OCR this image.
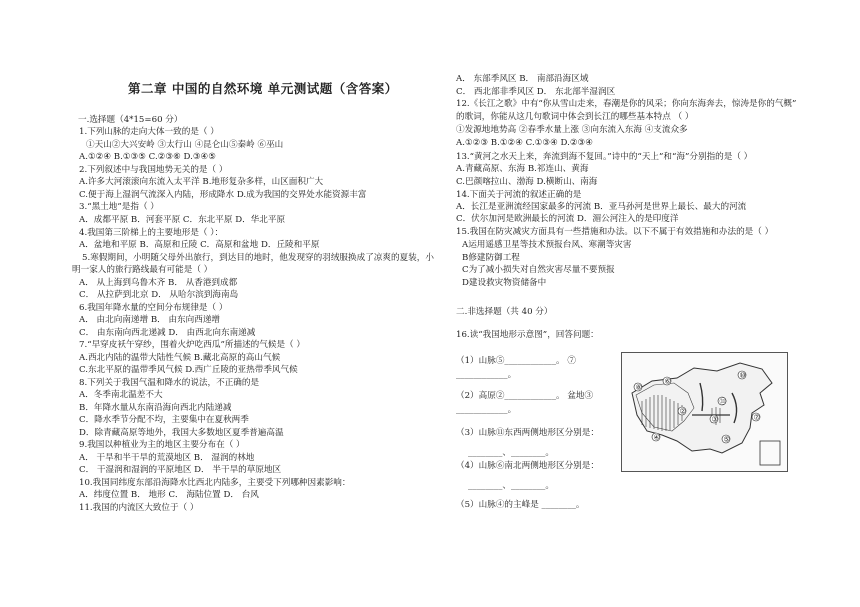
第二章 中国的自然环境 单元测试题（含答案）
一.选择题（4*15=60 分）
1.下列山脉的走向大体一致的是（ ）
①天山②大兴安岭 ③太行山 ④昆仑山⑤秦岭 ⑥巫山
A.①②④ B.①③⑤ C.②③⑥ D.③④⑤
2.下列叙述中与我国地势无关的是（ ）
A.许多大河滚滚向东流入太平洋 B.地形复杂多样，山区面积广大
C.便于海上湿润气流深入内陆，形成降水 D.成为我国的交界处水能资源丰富
3.“黑土地”是指（ ）
A．成都平原 B．河套平原 C．东北平原 D．华北平原
4.我国第三阶梯上的主要地形是（ ）：
A．盆地和平原 B．高原和丘陵 C．高原和盆地 D．丘陵和平原
5.寒假期间，小明随父母外出旅行，到达目的地时，他发现穿的羽绒服换成了凉爽的夏装，小
明一家人的旅行路线最有可能是（ ）
A． 从上海到乌鲁木齐 B． 从香港到成都
C． 从拉萨到北京 D． 从哈尔滨到海南岛
6.我国年降水量的空间分布规律是（ ）
A． 由北向南递增 B． 由东向西递增
C． 由东南向西北递减 D． 由西北向东南递减
7.“早穿皮袄午穿纱，围着火炉吃西瓜”所描述的气候是（ ）
A.西北内陆的温带大陆性气候 B.藏北高原的高山气候
C.东北平原的温带季风气候 D.西广丘陵的亚热带季风气候
8.下列关于我国气温和降水的说法，不正确的是
A．冬季南北温差不大
B．年降水量从东南沿海向西北内陆递减
C．降水季节分配不均，主要集中在夏秋两季
D．除青藏高原等地外，我国大多数地区夏季普遍高温
9.我国以种植业为主的地区主要分布在（ ）
A． 干旱和半干旱的荒漠地区 B． 湿润的林地
C． 干湿润和湿润的平原地区 D． 半干旱的草原地区
10.我国同纬度东部沿海降水比西北内陆多，主要受下列哪种因素影响：
A．纬度位置 B． 地形 C． 海陆位置 D． 台风
11.我国的内流区大致位于（ ）
A． 东部季风区 B． 南部沿海区域
C． 西北部非季风区 D． 东北部半湿润区
12.《长江之歌》中有“你从雪山走来，春潮是你的风采；你向东海奔去，惊涛是你的气概”
的歌词，你能从这几句歌词中体会到长江的哪些基本特点 （ ）
①发源地地势高 ②春季水量上涨 ③向东流入东海 ④支流众多
A.①②③ B.①②④ C.①③④ D.②③④
13.“黄河之水天上来，奔流到海不复回。”诗中的“天上”和“海”分别指的是（ ）
A.青藏高原、东海 B.祁连山、黄海
C.巴颜喀拉山、渤海 D.横断山、南海
14.下面关于河流的叙述正确的是
A．长江是亚洲流经国家最多的河流 B．亚马孙河是世界上最长、最大的河流
C．伏尔加河是欧洲最长的河流 D．湄公河注入的是印度洋
15.我国在防灾减灾方面具有一些措施和办法。以下不属于有效措施和办法的是（ ）
A运用遥感卫星等技术预报台风、寒潮等灾害
B修建防御工程
C为了减小损失对自然灾害尽量不要预报
D建设救灾物资储备中
二.非选择题（共 40 分）
16.读“我国地形示意图”，回答问题：
（1）山脉⑤____________。 ⑦
____________。
（2）高原②____________。 盆地③
____________。
（3）山脉⑪东西两侧地形区分别是：
________、________。
（4）山脉⑥南北两侧地形区分别是：
________、________。
（5）山脉④的主峰是 ________。
⑧
⑥
②
④
⑩
⑪
③
⑤
⑦
